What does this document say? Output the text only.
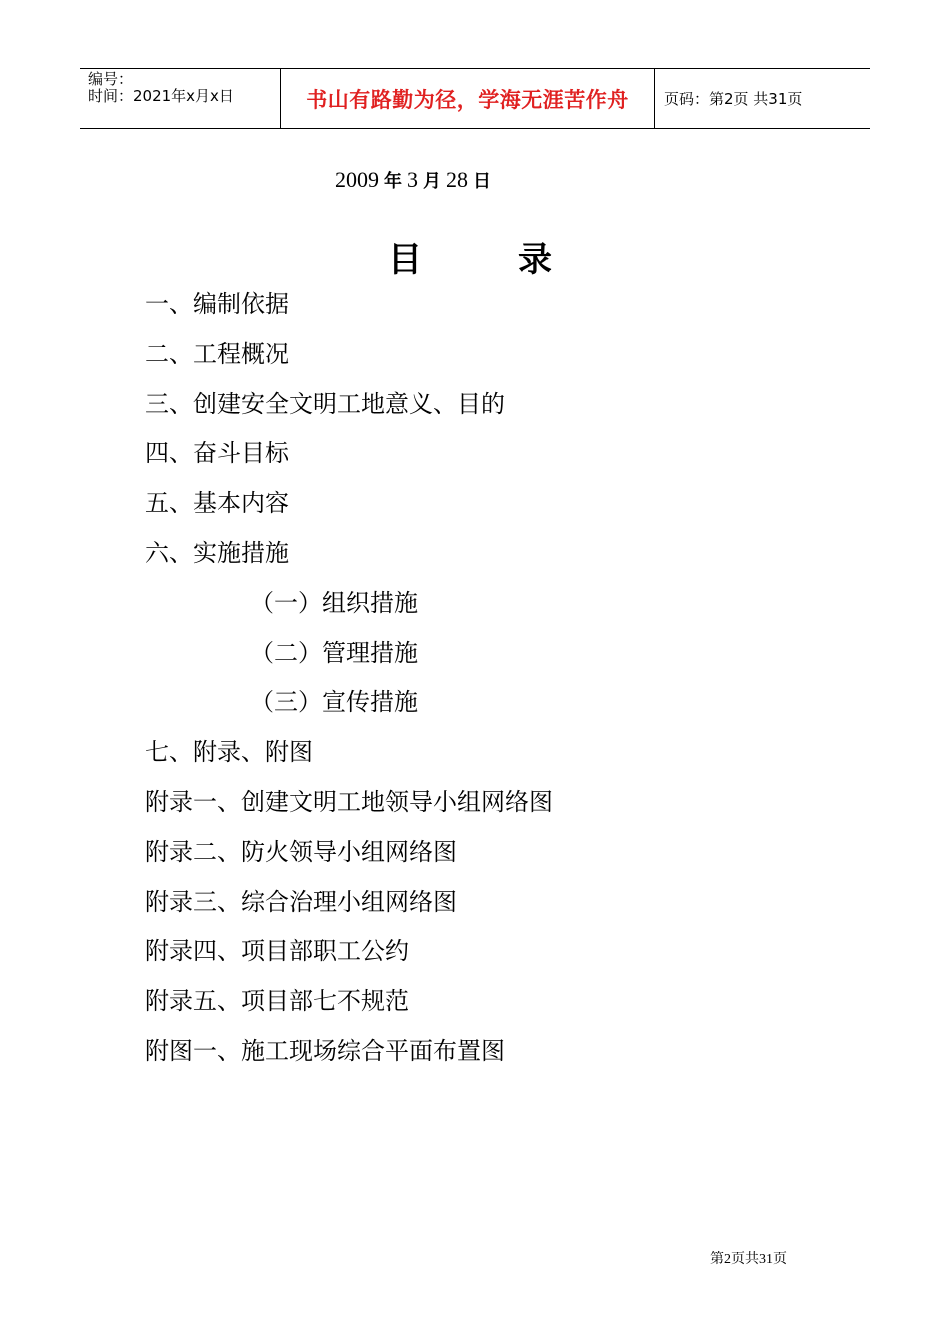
编号：
时间：2021年x月x日	书山有路勤为径，学海无涯苦作舟	页码：第2页 共31页
2009 年 3 月 28 日
目	录
一、编制依据
二、工程概况
三、创建安全文明工地意义、目的
四、奋斗目标
五、基本内容
六、实施措施
（一）组织措施
（二）管理措施
（三）宣传措施
七、附录、附图
附录一、创建文明工地领导小组网络图
附录二、防火领导小组网络图
附录三、综合治理小组网络图
附录四、项目部职工公约
附录五、项目部七不规范
附图一、施工现场综合平面布置图
第2页共31页
